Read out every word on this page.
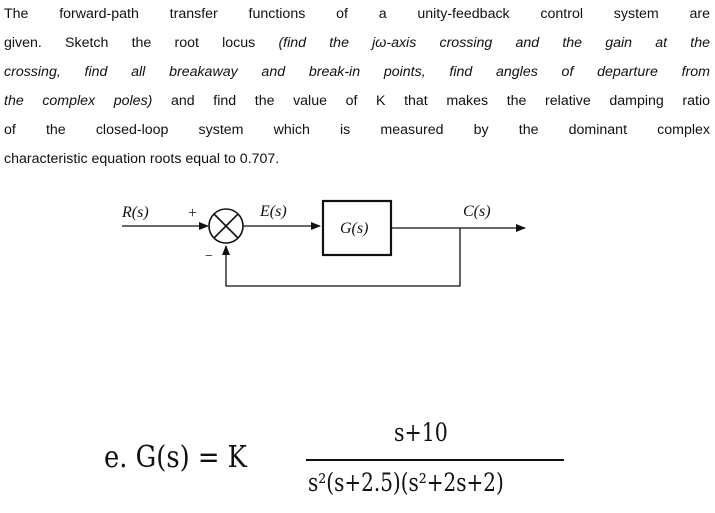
The forward-path transfer functions of a unity-feedback control system are
given. Sketch the root locus (find the jω-axis crossing and the gain at the
crossing, find all breakaway and break-in points, find angles of departure from
the complex poles) and find the value of K that makes the relative damping ratio
of the closed-loop system which is measured by the dominant complex
characteristic equation roots equal to 0.707.
R(s) +
−
E(s)	C(s)
G(s)
e. G(s) = K
s+10
s²(s+2.5)(s²+2s+2)
